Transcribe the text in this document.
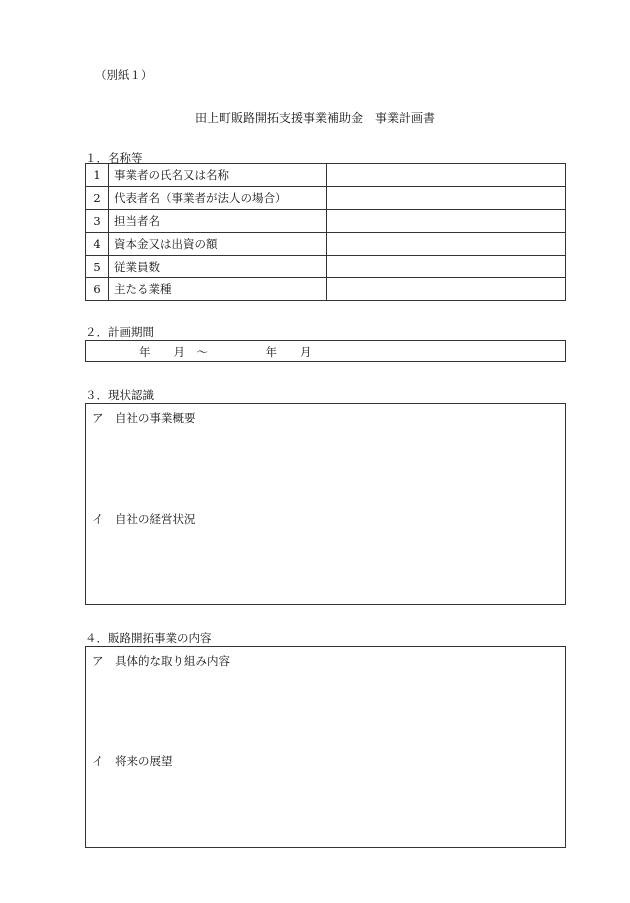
（別紙１）
田上町販路開拓支援事業補助金　事業計画書
１．名称等
1	事業者の氏名又は名称	
2	代表者名（事業者が法人の場合）	
3	担当者名	
4	資本金又は出資の額	
5	従業員数	
6	主たる業種	
２．計画期間
年　　月　～　　　　　年　　月
３．現状認識
ア　自社の事業概要
イ　自社の経営状況
４．販路開拓事業の内容
ア　具体的な取り組み内容
イ　将来の展望
